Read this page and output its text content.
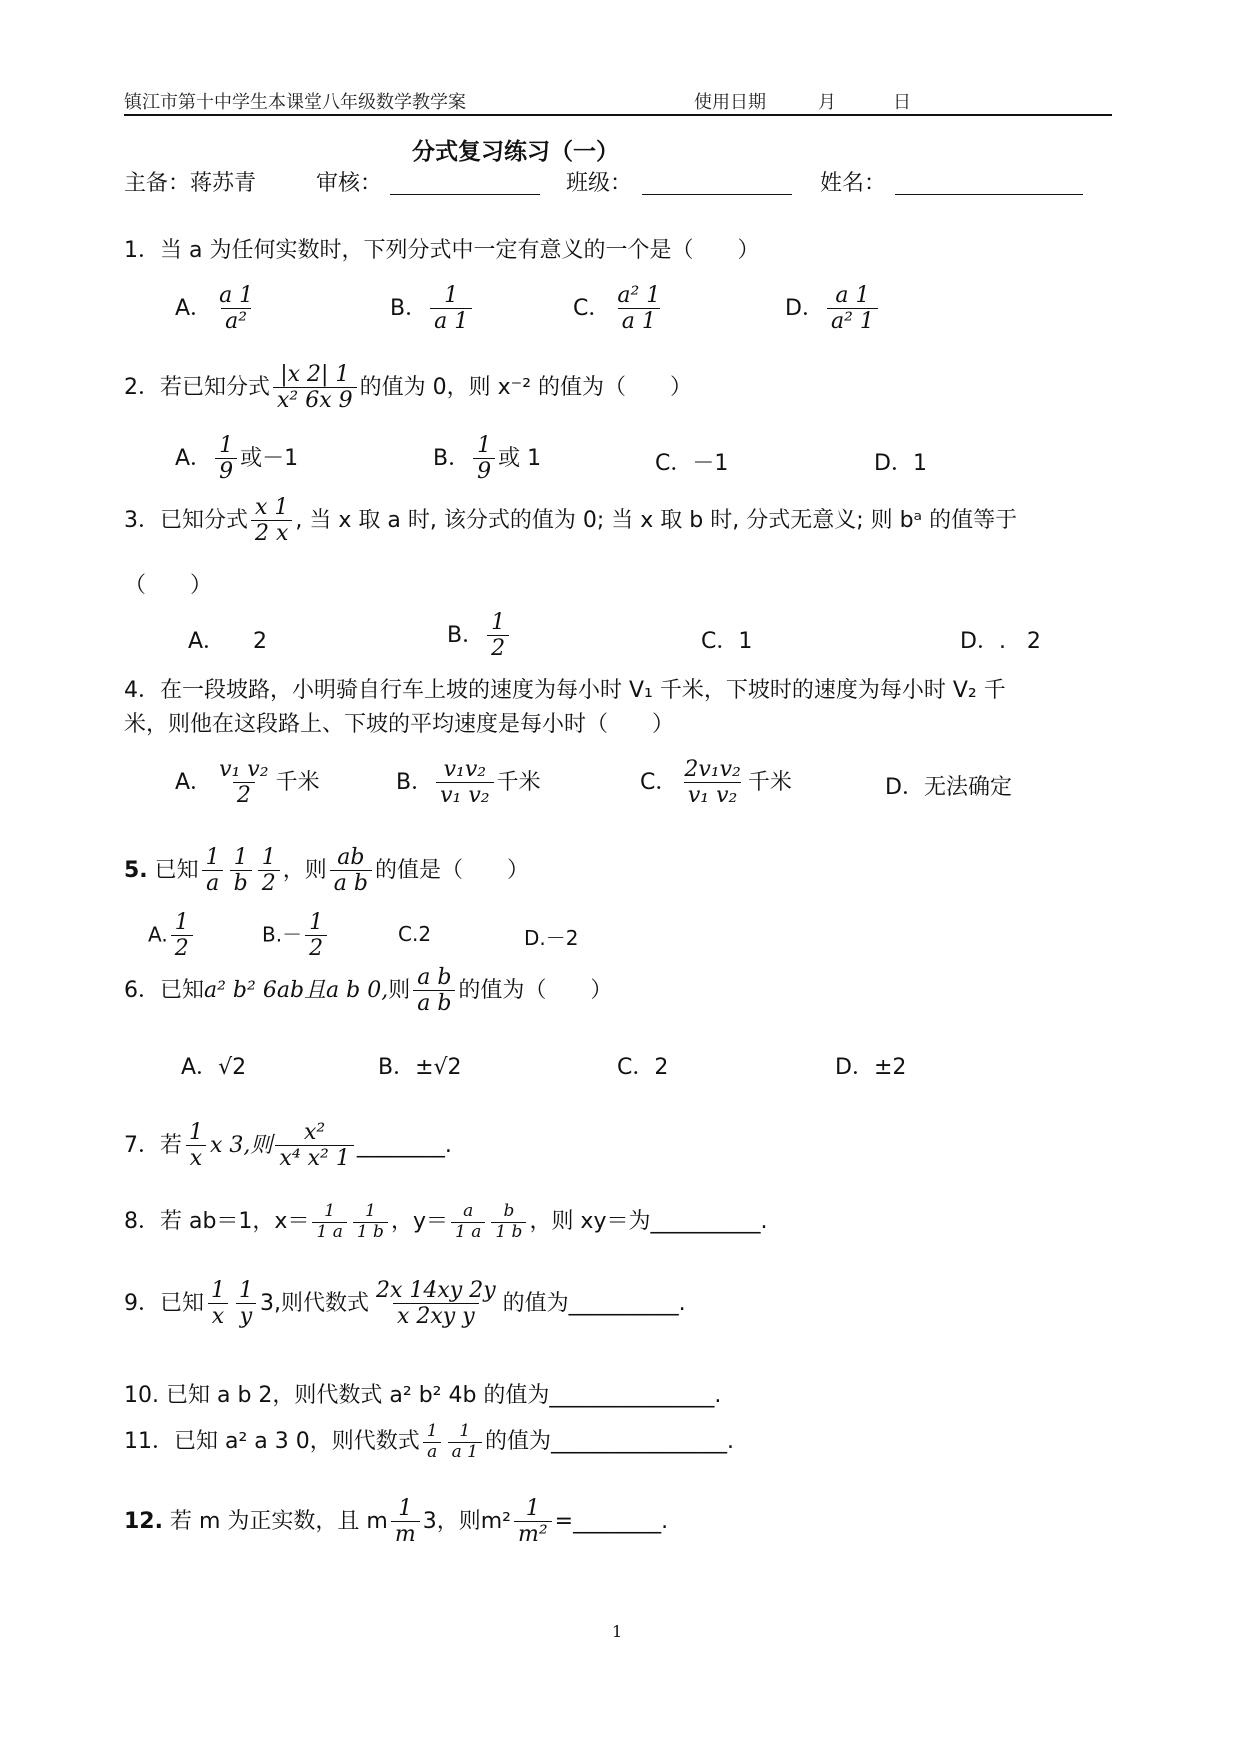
镇江市第十中学生本课堂八年级数学教学案	使用日期	月	日
分式复习练习（一）
主备：蒋苏青	审核：	班级：	姓名：
1．当 a 为任何实数时，下列分式中一定有意义的一个是（　　）
A． $\frac{a 1}{\text{a²}}$	B． $\frac{1}{a 1}$	C． $\frac{\text{a² 1}}{a 1}$	D． $\frac{a 1}{\text{a² 1}}$
2．若已知分式 $\frac{|x 2| 1}{\text{x² 6x 9}}$ 的值为 0，则 x⁻² 的值为（　　）
A． $\frac{1}{9}$ 或－1	B． $\frac{1}{9}$ 或 1	C．－1	D．1
3．已知分式 $\frac{x 1}{2 x}$ , 当 x 取 a 时, 该分式的值为 0; 当 x 取 b 时, 分式无意义; 则 bᵃ 的值等于
（　　）
A． 2	B． $\frac{1}{2}$	C．1	D．. 2
4．在一段坡路，小明骑自行车上坡的速度为每小时 V₁ 千米，下坡时的速度为每小时 V₂ 千
米，则他在这段路上、下坡的平均速度是每小时（　　）
A． $\frac{\text{v₁ v₂}}{2}$ 千米	B． $\frac{\text{v₁v₂}}{\text{v₁ v₂}}$ 千米	C． $\frac{\text{2v₁v₂}}{\text{v₁ v₂}}$ 千米	D．无法确定
5. 已知 $\frac{1}{a} \frac{1}{b} \frac{1}{2}$ ，则 $\frac{ab}{\text{a b}}$ 的值是（　　）
A. $\frac{1}{2}$	$B.- \frac{1}{2}$	C.2	D.－2
6．已知a² b² 6ab且a b 0,则 $\frac{\text{a b}}{\text{a b}}$ 的值为（　　）
A．√2	B．±√2	C．2	D．±2
7．若 $\frac{1}{x}$ x 3,则 $\frac{\text{x²}}{\text{x⁴ x² 1}}$ ________.
8．若 ab＝1，$x= \frac{1}{1 a} \frac{1}{1 b}$ ，$y= \frac{a}{1 a} \frac{b}{1 b}$ ，则 xy＝为__________.
9．已知 $\frac{1}{x} \frac{1}{y} 3$,则代数式 $\frac{2x 14xy 2y}{\text{x 2xy y}}$ 的值为__________.
10. 已知 a b 2，则代数式 a² b² 4b 的值为_______________.
11．已知 a² a 3 0，则代数式 $\frac{1}{a} \frac{1}{a 1}$ 的值为________________.
12. 若 m 为正实数，且 m $\frac{1}{m} 3$，则$m^2 \frac{1}{\text{m²}}$ =________.
1
